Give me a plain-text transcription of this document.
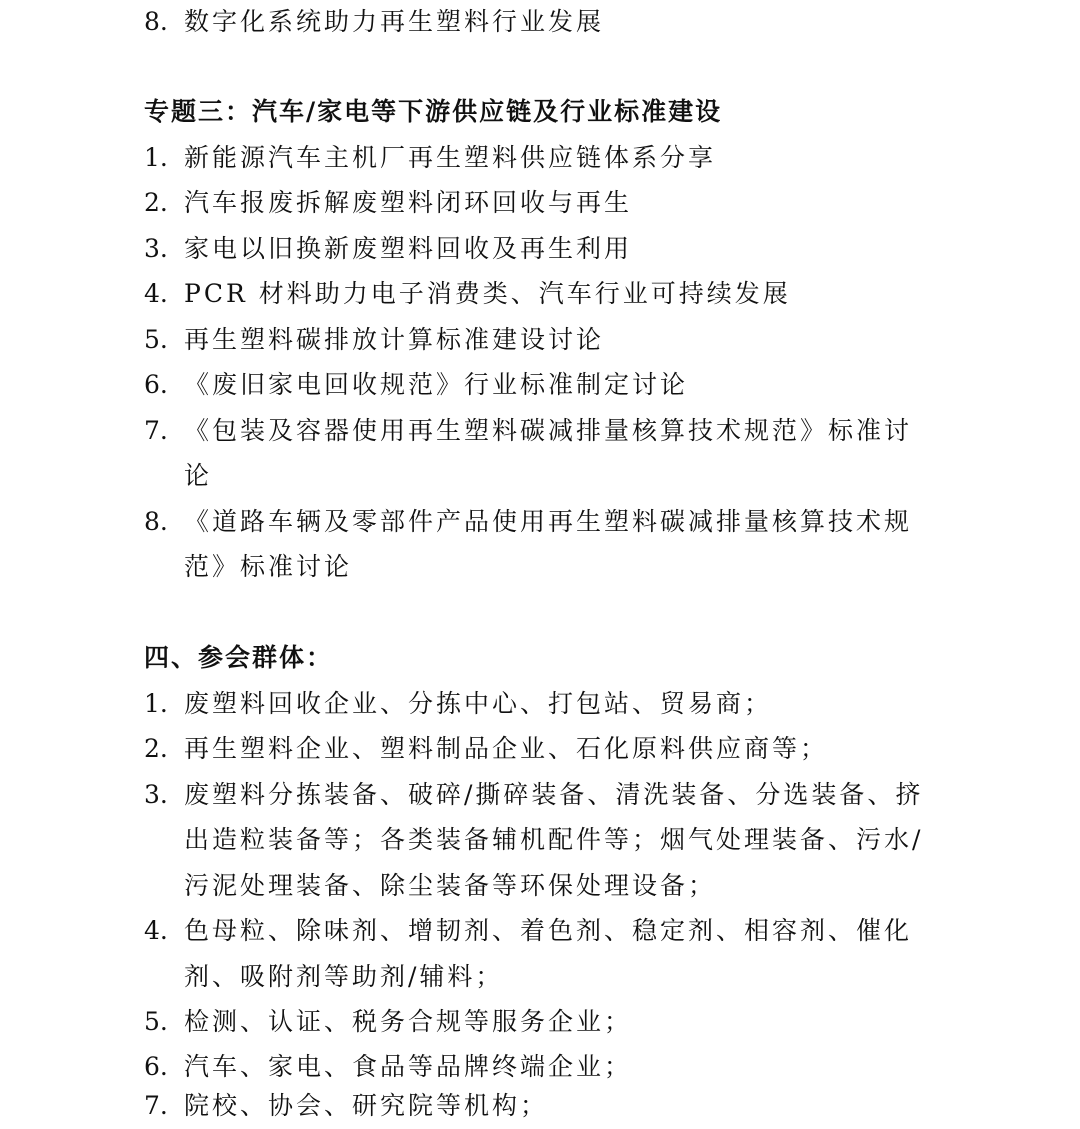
8. 数字化系统助力再生塑料行业发展

专题三：汽车/家电等下游供应链及行业标准建设

1. 新能源汽车主机厂再生塑料供应链体系分享

2. 汽车报废拆解废塑料闭环回收与再生

3. 家电以旧换新废塑料回收及再生利用

4. PCR 材料助力电子消费类、汽车行业可持续发展

5. 再生塑料碳排放计算标准建设讨论

6. 《废旧家电回收规范》行业标准制定讨论

7. 《包装及容器使用再生塑料碳减排量核算技术规范》标准讨

论

8. 《道路车辆及零部件产品使用再生塑料碳减排量核算技术规

范》标准讨论

四、参会群体：

1. 废塑料回收企业、分拣中心、打包站、贸易商；

2. 再生塑料企业、塑料制品企业、石化原料供应商等；

3. 废塑料分拣装备、破碎/撕碎装备、清洗装备、分选装备、挤

出造粒装备等；各类装备辅机配件等；烟气处理装备、污水/

污泥处理装备、除尘装备等环保处理设备；

4. 色母粒、除味剂、增韧剂、着色剂、稳定剂、相容剂、催化

剂、吸附剂等助剂/辅料；

5. 检测、认证、税务合规等服务企业；

6. 汽车、家电、食品等品牌终端企业；

7. 院校、协会、研究院等机构；
